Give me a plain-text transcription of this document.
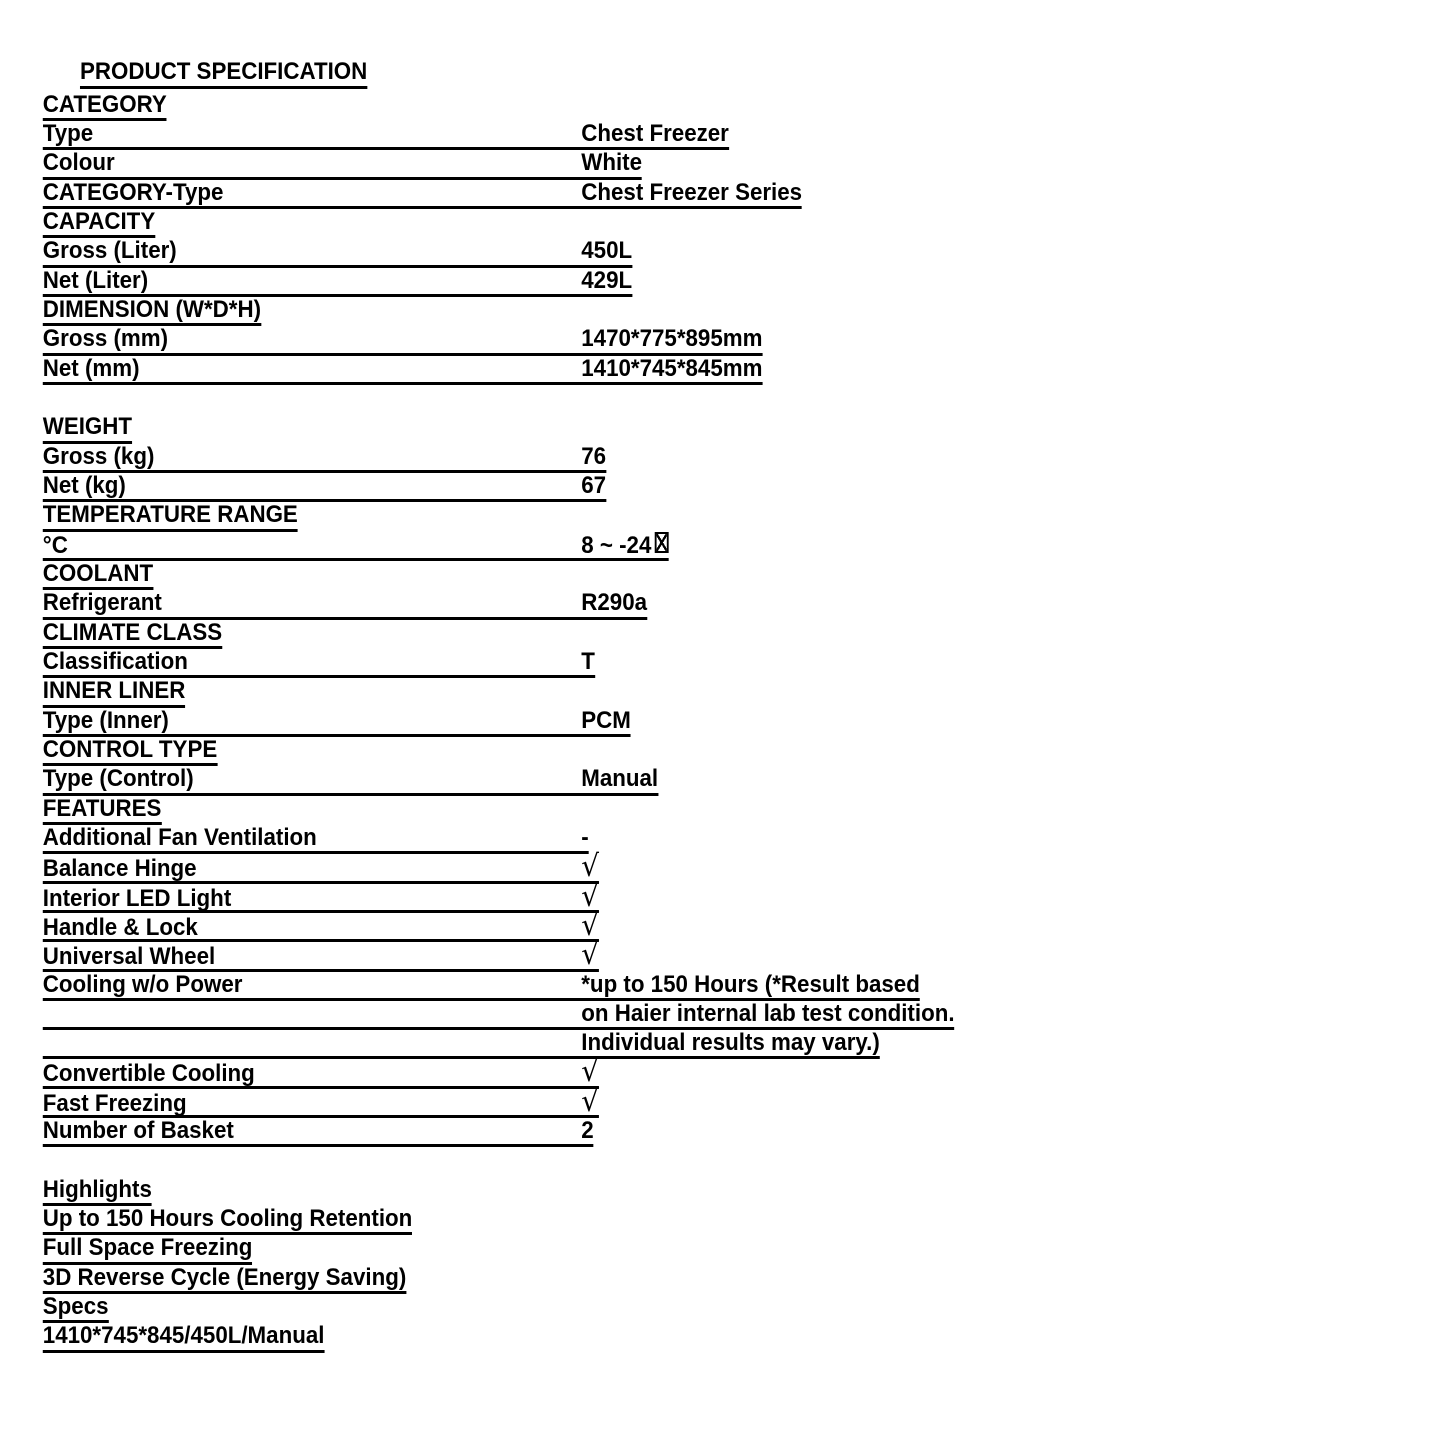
PRODUCT SPECIFICATION

CATEGORY
Type	Chest Freezer
Colour	White
CATEGORY-Type	Chest Freezer Series
CAPACITY
Gross (Liter)	450L
Net (Liter)	429L
DIMENSION (W*D*H)
Gross (mm)	1470*775*895mm
Net (mm)	1410*745*845mm
WEIGHT
Gross (kg)	76
Net (kg)	67
TEMPERATURE RANGE
°C	8 ~ -24
COOLANT
Refrigerant	R290a
CLIMATE CLASS
Classification	T
INNER LINER
Type (Inner)	PCM
CONTROL TYPE
Type (Control)	Manual
FEATURES
Additional Fan Ventilation	-
Balance Hinge	√
Interior LED Light	√
Handle & Lock	√
Universal Wheel	√
Cooling w/o Power	*up to 150 Hours (*Result based
on Haier internal lab test condition.
Individual results may vary.)
Convertible Cooling	√
Fast Freezing	√
Number of Basket	2
Highlights
Up to 150 Hours Cooling Retention
Full Space Freezing
3D Reverse Cycle (Energy Saving)
Specs
1410*745*845/450L/Manual
